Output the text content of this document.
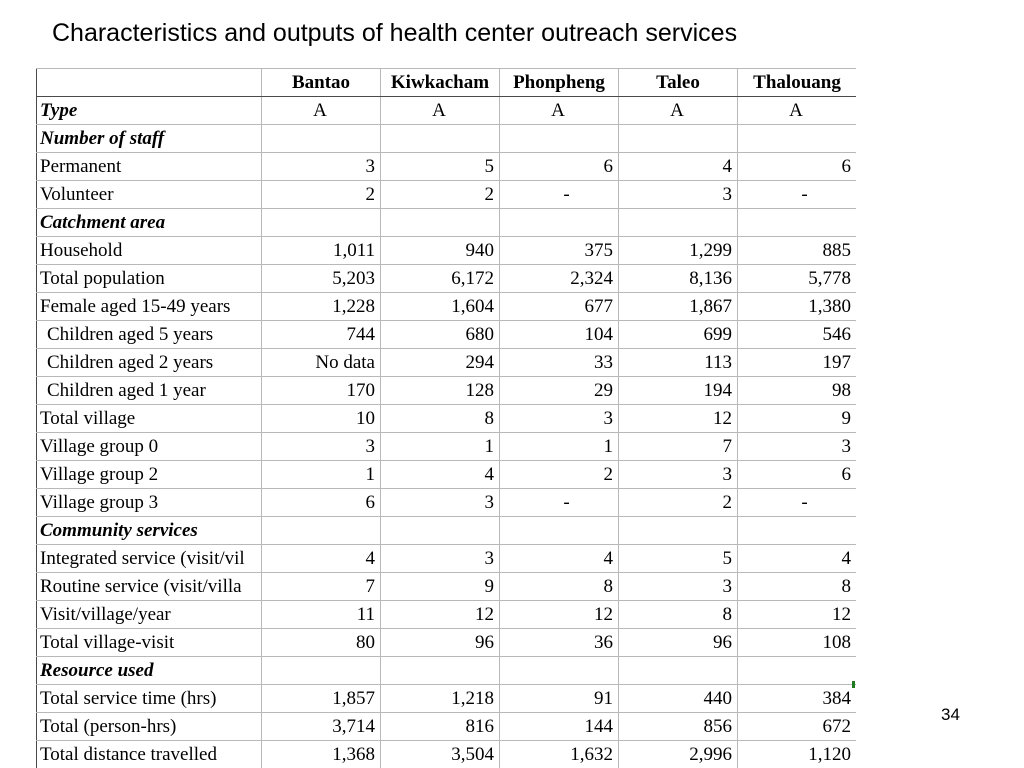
Characteristics and outputs of health center outreach services
	Bantao	Kiwkacham	Phonpheng	Taleo	Thalouang
Type	A	A	A	A	A
Number of staff					
Permanent	3	5	6	4	6
Volunteer	2	2	-	3	-
Catchment area					
Household	1,011	940	375	1,299	885
Total population	5,203	6,172	2,324	8,136	5,778
Female aged 15-49 years	1,228	1,604	677	1,867	1,380
Children aged 5 years	744	680	104	699	546
Children aged 2 years	No data	294	33	113	197
Children aged 1 year	170	128	29	194	98
Total village	10	8	3	12	9
Village group 0	3	1	1	7	3
Village group 2	1	4	2	3	6
Village group 3	6	3	-	2	-
Community services					
Integrated service (visit/vil	4	3	4	5	4
Routine service (visit/villa	7	9	8	3	8
Visit/village/year	11	12	12	8	12
Total village-visit	80	96	36	96	108
Resource used					
Total service time (hrs)	1,857	1,218	91	440	384
Total (person-hrs)	3,714	816	144	856	672
Total distance travelled	1,368	3,504	1,632	2,996	1,120
34
